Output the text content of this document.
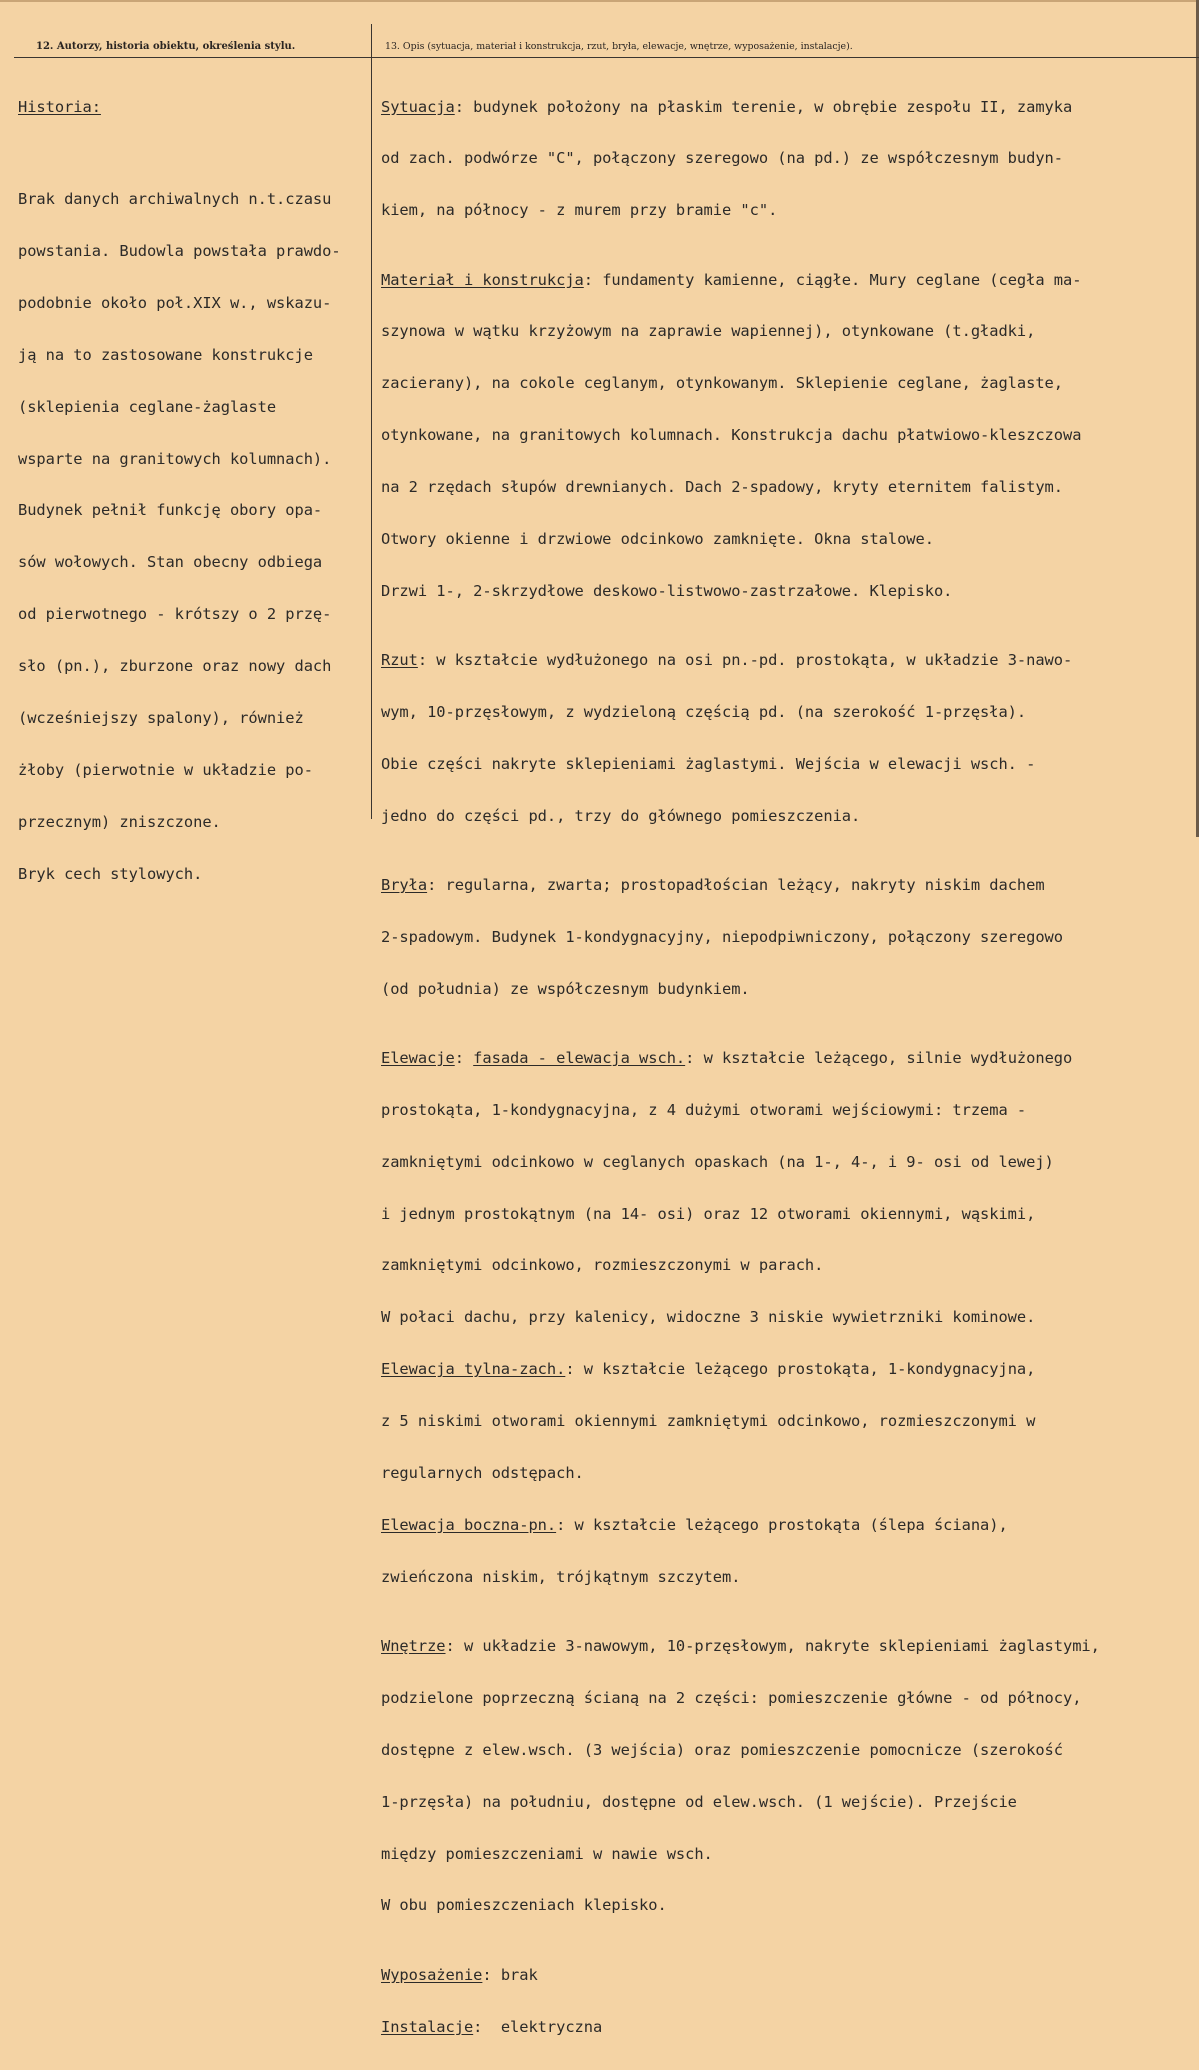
12. Autorzy, historia obiektu, określenia stylu.	13. Opis (sytuacja, materiał i konstrukcja, rzut, bryła, elewacje, wnętrze, wyposażenie, instalacje).

Historia:

Brak danych archiwalnych n.t.czasu

powstania. Budowla powstała prawdo-

podobnie około poł.XIX w., wskazu-

ją na to zastosowane konstrukcje

(sklepienia ceglane-żaglaste

wsparte na granitowych kolumnach).

Budynek pełnił funkcję obory opa-

sów wołowych. Stan obecny odbiega

od pierwotnego - krótszy o 2 przę-

sło (pn.), zburzone oraz nowy dach

(wcześniejszy spalony), również

żłoby (pierwotnie w układzie po-

przecznym) zniszczone.

Bryk cech stylowych.

Sytuacja: budynek położony na płaskim terenie, w obrębie zespołu II, zamyka

od zach. podwórze "C", połączony szeregowo (na pd.) ze współczesnym budyn-

kiem, na północy - z murem przy bramie "c".

Materiał i konstrukcja: fundamenty kamienne, ciągłe. Mury ceglane (cegła ma-

szynowa w wątku krzyżowym na zaprawie wapiennej), otynkowane (t.gładki,

zacierany), na cokole ceglanym, otynkowanym. Sklepienie ceglane, żaglaste,

otynkowane, na granitowych kolumnach. Konstrukcja dachu płatwiowo-kleszczowa

na 2 rzędach słupów drewnianych. Dach 2-spadowy, kryty eternitem falistym.

Otwory okienne i drzwiowe odcinkowo zamknięte. Okna stalowe.

Drzwi 1-, 2-skrzydłowe deskowo-listwowo-zastrzałowe. Klepisko.

Rzut: w kształcie wydłużonego na osi pn.-pd. prostokąta, w układzie 3-nawo-

wym, 10-przęsłowym, z wydzieloną częścią pd. (na szerokość 1-przęsła).

Obie części nakryte sklepieniami żaglastymi. Wejścia w elewacji wsch. -

jedno do części pd., trzy do głównego pomieszczenia.

Bryła: regularna, zwarta; prostopadłościan leżący, nakryty niskim dachem

2-spadowym. Budynek 1-kondygnacyjny, niepodpiwniczony, połączony szeregowo

(od południa) ze współczesnym budynkiem.

Elewacje: fasada - elewacja wsch.: w kształcie leżącego, silnie wydłużonego

prostokąta, 1-kondygnacyjna, z 4 dużymi otworami wejściowymi: trzema -

zamkniętymi odcinkowo w ceglanych opaskach (na 1-, 4-, i 9- osi od lewej)

i jednym prostokątnym (na 14- osi) oraz 12 otworami okiennymi, wąskimi,

zamkniętymi odcinkowo, rozmieszczonymi w parach.

W połaci dachu, przy kalenicy, widoczne 3 niskie wywietrzniki kominowe.

Elewacja tylna-zach.: w kształcie leżącego prostokąta, 1-kondygnacyjna,

z 5 niskimi otworami okiennymi zamkniętymi odcinkowo, rozmieszczonymi w

regularnych odstępach.

Elewacja boczna-pn.: w kształcie leżącego prostokąta (ślepa ściana),

zwieńczona niskim, trójkątnym szczytem.

Wnętrze: w układzie 3-nawowym, 10-przęsłowym, nakryte sklepieniami żaglastymi,

podzielone poprzeczną ścianą na 2 części: pomieszczenie główne - od północy,

dostępne z elew.wsch. (3 wejścia) oraz pomieszczenie pomocnicze (szerokość

1-przęsła) na południu, dostępne od elew.wsch. (1 wejście). Przejście

między pomieszczeniami w nawie wsch.

W obu pomieszczeniach klepisko.

Wyposażenie: brak

Instalacje:  elektryczna
